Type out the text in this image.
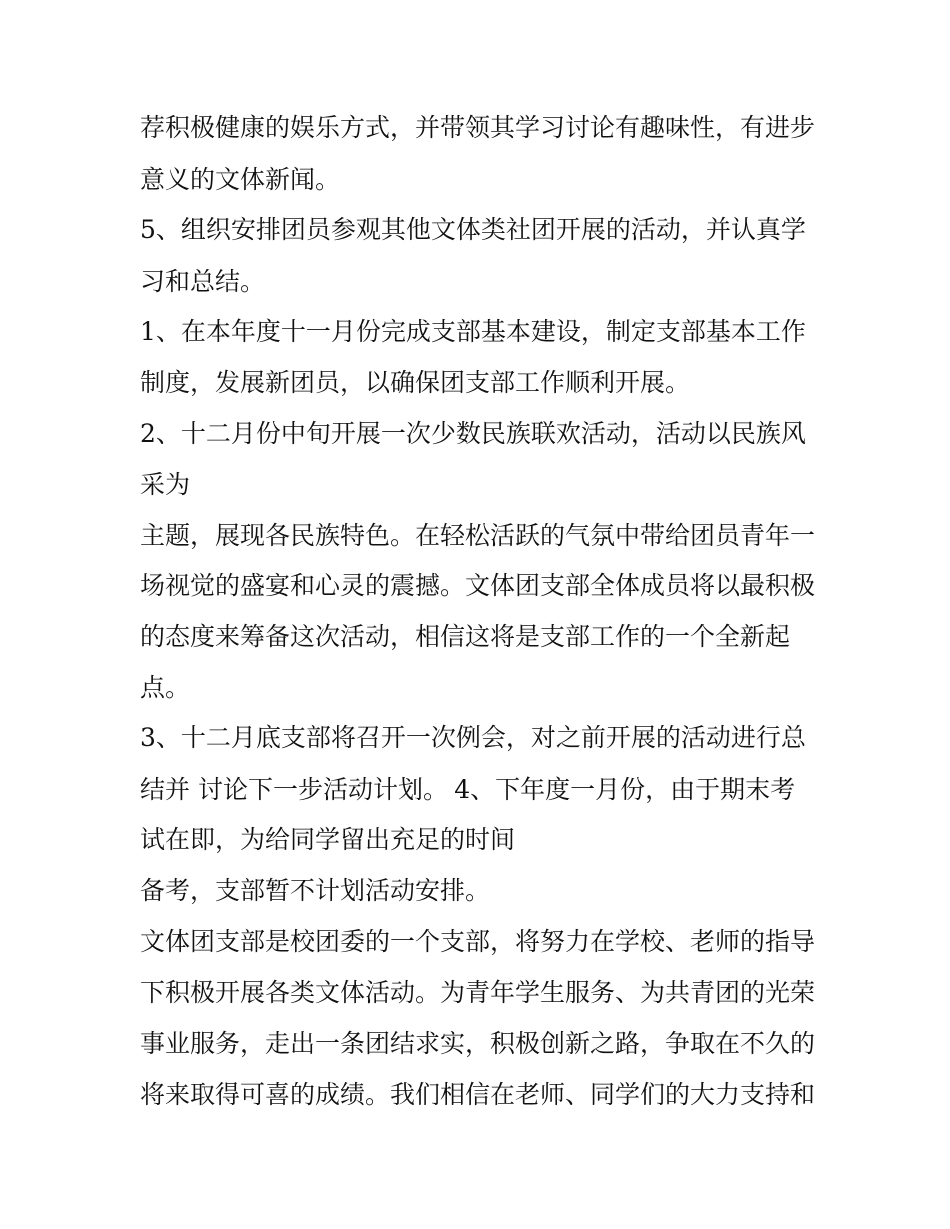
荐积极健康的娱乐方式，并带领其学习讨论有趣味性，有进步
意义的文体新闻。
5、组织安排团员参观其他文体类社团开展的活动，并认真学
习和总结。
1、在本年度十一月份完成支部基本建设，制定支部基本工作
制度，发展新团员，以确保团支部工作顺利开展。
2、十二月份中旬开展一次少数民族联欢活动，活动以民族风
采为
主题，展现各民族特色。在轻松活跃的气氛中带给团员青年一
场视觉的盛宴和心灵的震撼。文体团支部全体成员将以最积极
的态度来筹备这次活动，相信这将是支部工作的一个全新起
点。
3、十二月底支部将召开一次例会，对之前开展的活动进行总
结并 讨论下一步活动计划。 4、下年度一月份，由于期末考
试在即，为给同学留出充足的时间
备考，支部暂不计划活动安排。
文体团支部是校团委的一个支部，将努力在学校、老师的指导
下积极开展各类文体活动。为青年学生服务、为共青团的光荣
事业服务，走出一条团结求实，积极创新之路，争取在不久的
将来取得可喜的成绩。我们相信在老师、同学们的大力支持和
